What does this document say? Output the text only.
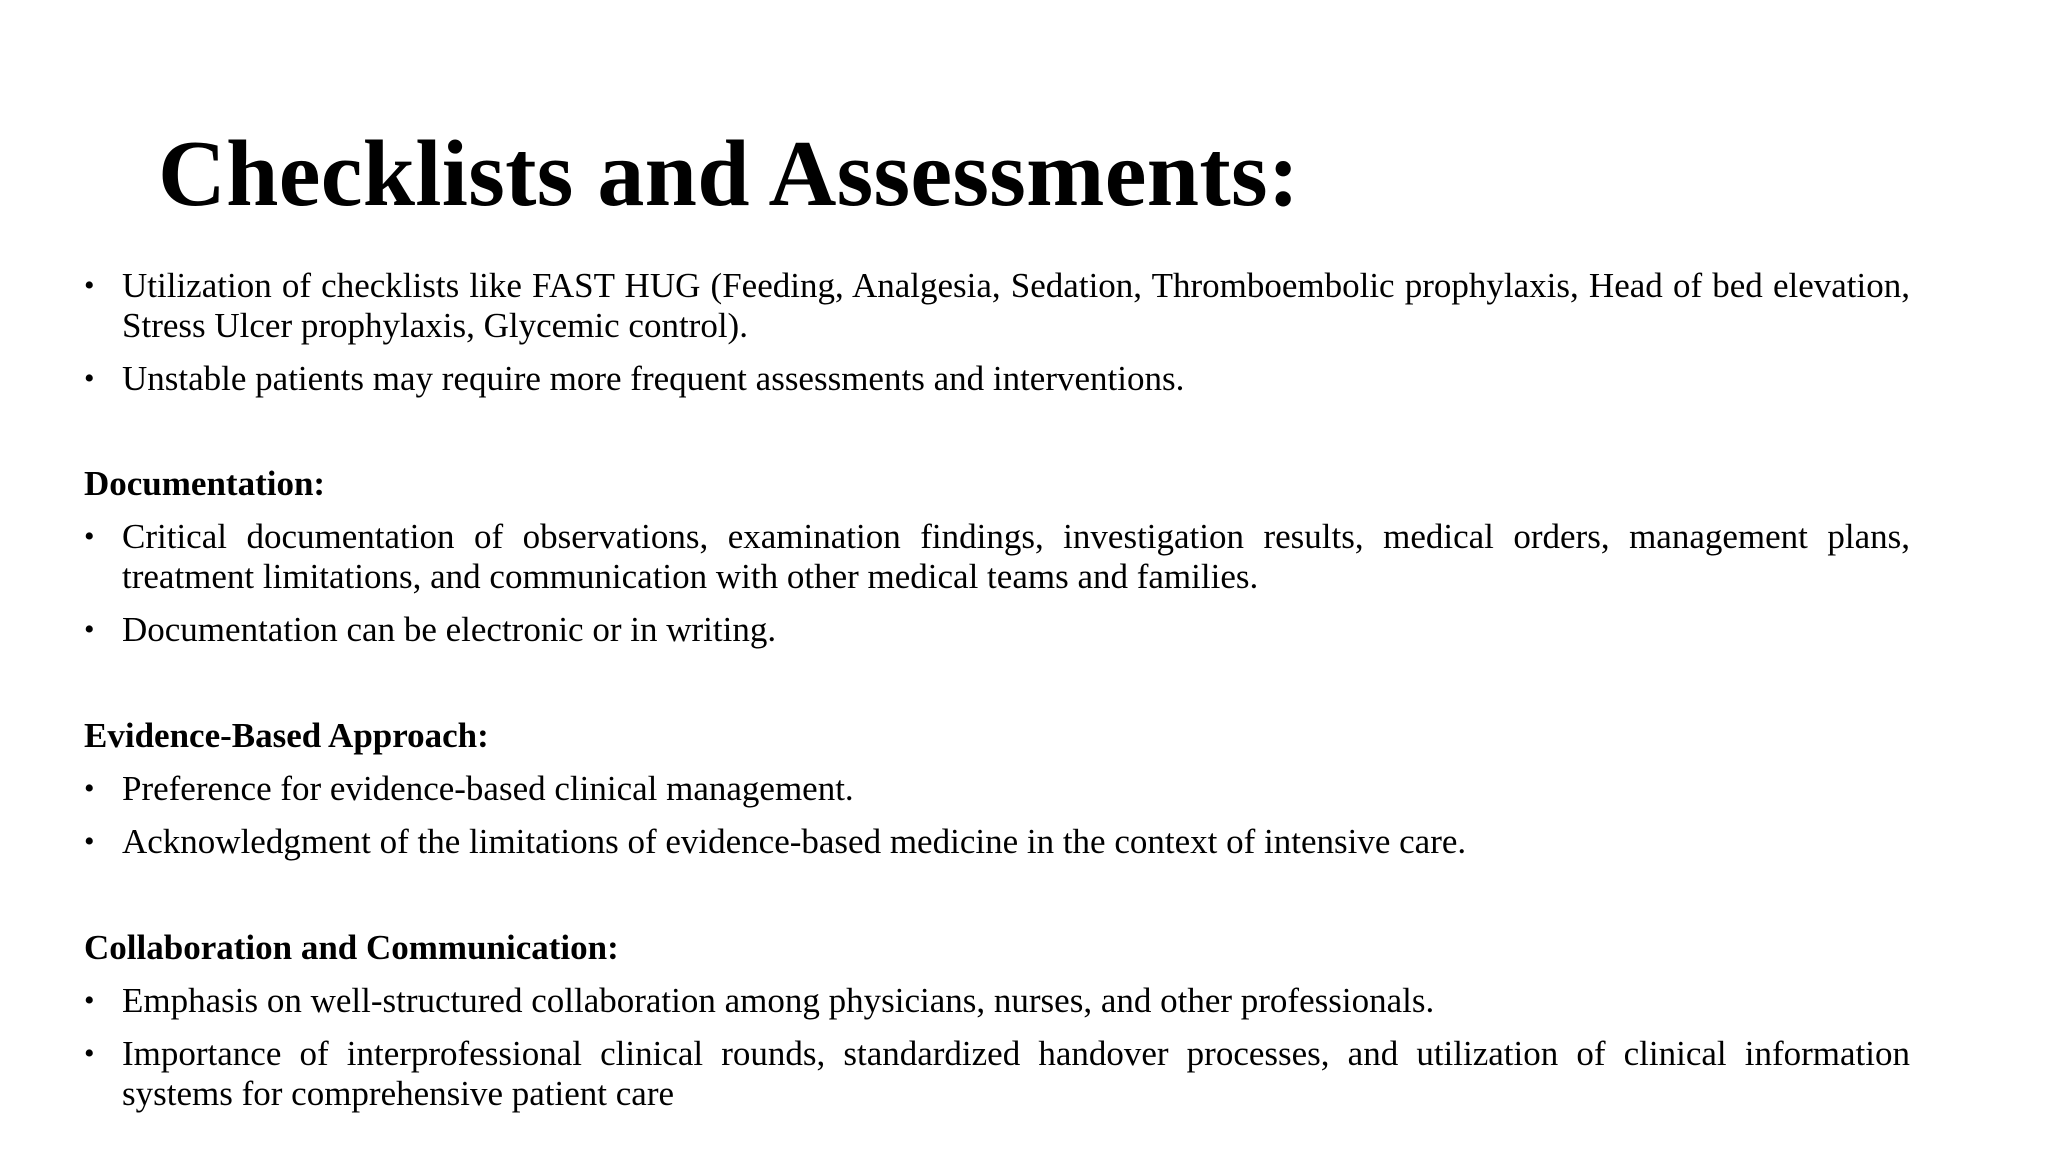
Checklists and Assessments:
• Utilization of checklists like FAST HUG (Feeding, Analgesia, Sedation, Thromboembolic prophylaxis, Head of bed elevation, Stress Ulcer prophylaxis, Glycemic control).
• Unstable patients may require more frequent assessments and interventions.
Documentation:
• Critical documentation of observations, examination findings, investigation results, medical orders, management plans, treatment limitations, and communication with other medical teams and families.
• Documentation can be electronic or in writing.
Evidence-Based Approach:
• Preference for evidence-based clinical management.
• Acknowledgment of the limitations of evidence-based medicine in the context of intensive care.
Collaboration and Communication:
• Emphasis on well-structured collaboration among physicians, nurses, and other professionals.
• Importance of interprofessional clinical rounds, standardized handover processes, and utilization of clinical information systems for comprehensive patient care
